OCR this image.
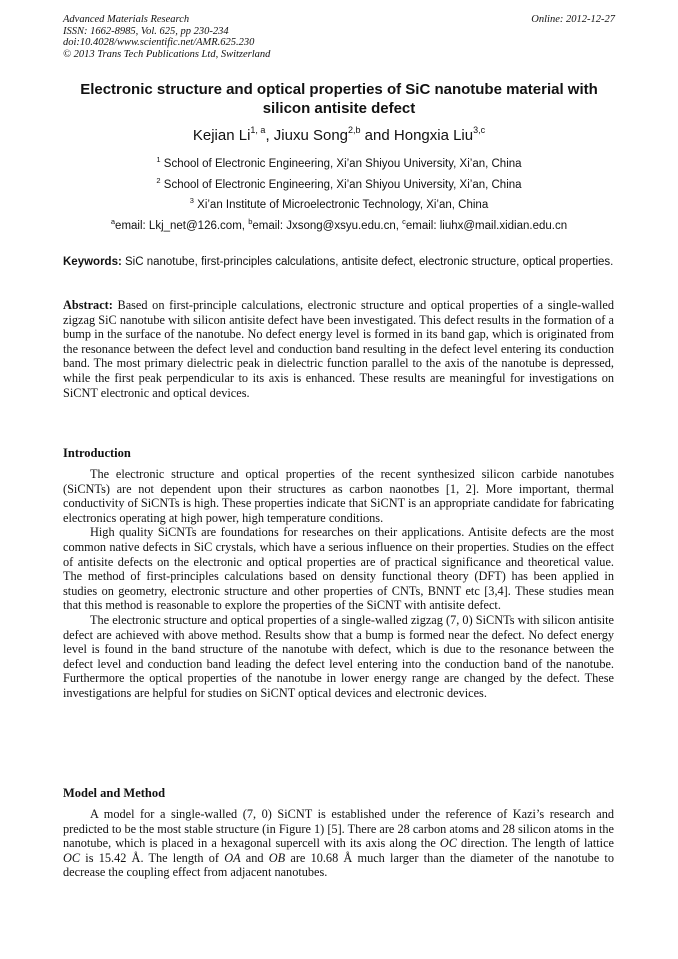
Advanced Materials Research
ISSN: 1662-8985, Vol. 625, pp 230-234
doi:10.4028/www.scientific.net/AMR.625.230
© 2013 Trans Tech Publications Ltd, Switzerland
Online: 2012-12-27
Electronic structure and optical properties of SiC nanotube material with silicon antisite defect
Kejian Li$^{1, a}$, Jiuxu Song$^{2,b}$ and Hongxia Liu$^{3,c}$
$^1$ School of Electronic Engineering, Xi’an Shiyou University, Xi’an, China
$^2$ School of Electronic Engineering, Xi’an Shiyou University, Xi’an, China
$^3$ Xi’an Institute of Microelectronic Technology, Xi’an, China
$^a$email: Lkj_net@126.com, $^b$email: Jxsong@xsyu.edu.cn, $^c$email: liuhx@mail.xidian.edu.cn
Keywords: SiC nanotube, first-principles calculations, antisite defect, electronic structure, optical properties.
Abstract: Based on first-principle calculations, electronic structure and optical properties of a single-walled zigzag SiC nanotube with silicon antisite defect have been investigated. This defect results in the formation of a bump in the surface of the nanotube. No defect energy level is formed in its band gap, which is originated from the resonance between the defect level and conduction band resulting in the defect level entering its conduction band. The most primary dielectric peak in dielectric function parallel to the axis of the nanotube is depressed, while the first peak perpendicular to its axis is enhanced. These results are meaningful for investigations on SiCNT electronic and optical devices.
Introduction

The electronic structure and optical properties of the recent synthesized silicon carbide nanotubes (SiCNTs) are not dependent upon their structures as carbon naonotbes [1, 2]. More important, thermal conductivity of SiCNTs is high. These properties indicate that SiCNT is an appropriate candidate for fabricating electronics operating at high power, high temperature conditions.

High quality SiCNTs are foundations for researches on their applications. Antisite defects are the most common native defects in SiC crystals, which have a serious influence on their properties. Studies on the effect of antisite defects on the electronic and optical properties are of practical significance and theoretical value. The method of first-principles calculations based on density functional theory (DFT) has been applied in studies on geometry, electronic structure and other properties of CNTs, BNNT etc [3,4]. These studies mean that this method is reasonable to explore the properties of the SiCNT with antisite defect.

The electronic structure and optical properties of a single-walled zigzag (7, 0) SiCNTs with silicon antisite defect are achieved with above method. Results show that a bump is formed near the defect. No defect energy level is found in the band structure of the nanotube with defect, which is due to the resonance between the defect level and conduction band leading the defect level entering into the conduction band of the nanotube. Furthermore the optical properties of the nanotube in lower energy range are changed by the defect. These investigations are helpful for studies on SiCNT optical devices and electronic devices.

Model and Method

A model for a single-walled (7, 0) SiCNT is established under the reference of Kazi’s research and predicted to be the most stable structure (in Figure 1) [5]. There are 28 carbon atoms and 28 silicon atoms in the nanotube, which is placed in a hexagonal supercell with its axis along the OC direction. The length of lattice OC is 15.42 Å. The length of OA and OB are 10.68 Å much larger than the diameter of the nanotube to decrease the coupling effect from adjacent nanotubes.
